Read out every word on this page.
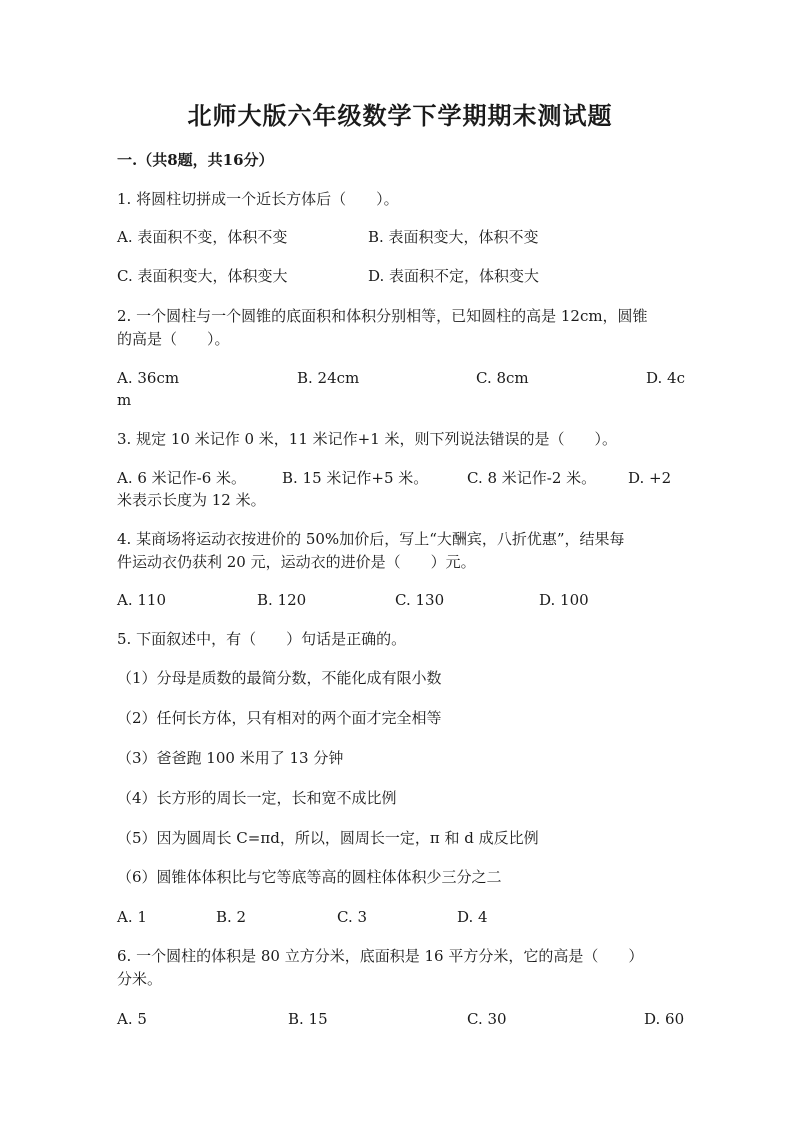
北师大版六年级数学下学期期末测试题
一.（共8题，共16分）
1. 将圆柱切拼成一个近长方体后（　　）。
A. 表面积不变，体积不变	B. 表面积变大，体积不变
C. 表面积变大，体积变大	D. 表面积不定，体积变大
2. 一个圆柱与一个圆锥的底面积和体积分别相等，已知圆柱的高是 12cm，圆锥
的高是（　　）。
A. 36cm	B. 24cm	C. 8cm	D. 4c
m
3. 规定 10 米记作 0 米，11 米记作+1 米，则下列说法错误的是（　　）。
A. 6 米记作-6 米。 B. 15 米记作+5 米。	C. 8 米记作-2 米。 D. +2
米表示长度为 12 米。
4. 某商场将运动衣按进价的 50%加价后，写上“大酬宾，八折优惠”，结果每
件运动衣仍获利 20 元，运动衣的进价是（　　）元。
A. 110	B. 120	C. 130	D. 100
5. 下面叙述中，有（　　）句话是正确的。
（1）分母是质数的最简分数，不能化成有限小数
（2）任何长方体，只有相对的两个面才完全相等
（3）爸爸跑 100 米用了 13 分钟
（4）长方形的周长一定，长和宽不成比例
（5）因为圆周长 C=πd，所以，圆周长一定，π 和 d 成反比例
（6）圆锥体体积比与它等底等高的圆柱体体积少三分之二
A. 1	B. 2	C. 3	D. 4
6. 一个圆柱的体积是 80 立方分米，底面积是 16 平方分米，它的高是（　　）
分米。
A. 5	B. 15	C. 30	D. 60
